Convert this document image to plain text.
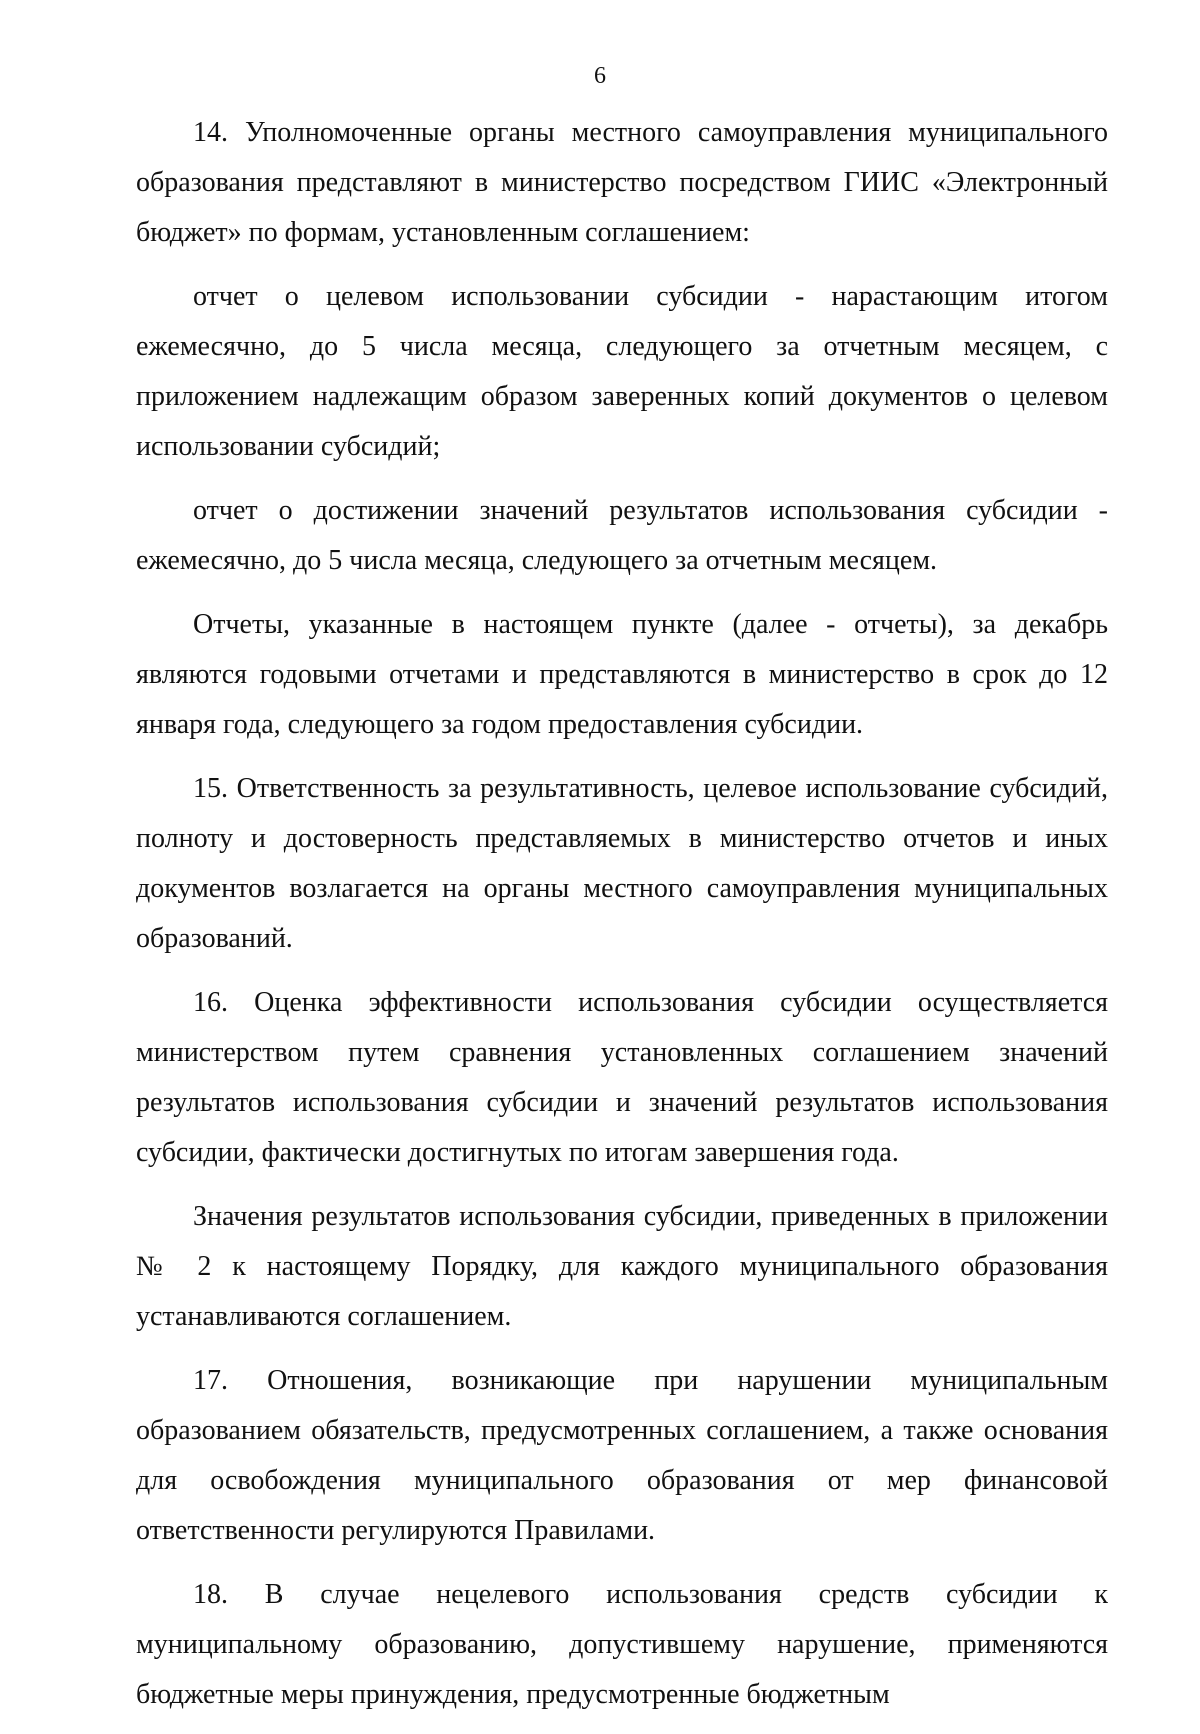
6

14. Уполномоченные органы местного самоуправления муниципального образования представляют в министерство посредством ГИИС «Электронный бюджет» по формам, установленным соглашением:

отчет о целевом использовании субсидии - нарастающим итогом ежемесячно, до 5 числа месяца, следующего за отчетным месяцем, с приложением надлежащим образом заверенных копий документов о целевом использовании субсидий;

отчет о достижении значений результатов использования субсидии - ежемесячно, до 5 числа месяца, следующего за отчетным месяцем.

Отчеты, указанные в настоящем пункте (далее - отчеты), за декабрь являются годовыми отчетами и представляются в министерство в срок до 12 января года, следующего за годом предоставления субсидии.

15. Ответственность за результативность, целевое использование субсидий, полноту и достоверность представляемых в министерство отчетов и иных документов возлагается на органы местного самоуправления муниципальных образований.

16. Оценка эффективности использования субсидии осуществляется министерством путем сравнения установленных соглашением значений результатов использования субсидии и значений результатов использования субсидии, фактически достигнутых по итогам завершения года.

Значения результатов использования субсидии, приведенных в приложении № 2 к настоящему Порядку, для каждого муниципального образования устанавливаются соглашением.

17. Отношения, возникающие при нарушении муниципальным образованием обязательств, предусмотренных соглашением, а также основания для освобождения муниципального образования от мер финансовой ответственности регулируются Правилами.

18. В случае нецелевого использования средств субсидии к муниципальному образованию, допустившему нарушение, применяются бюджетные меры принуждения, предусмотренные бюджетным
